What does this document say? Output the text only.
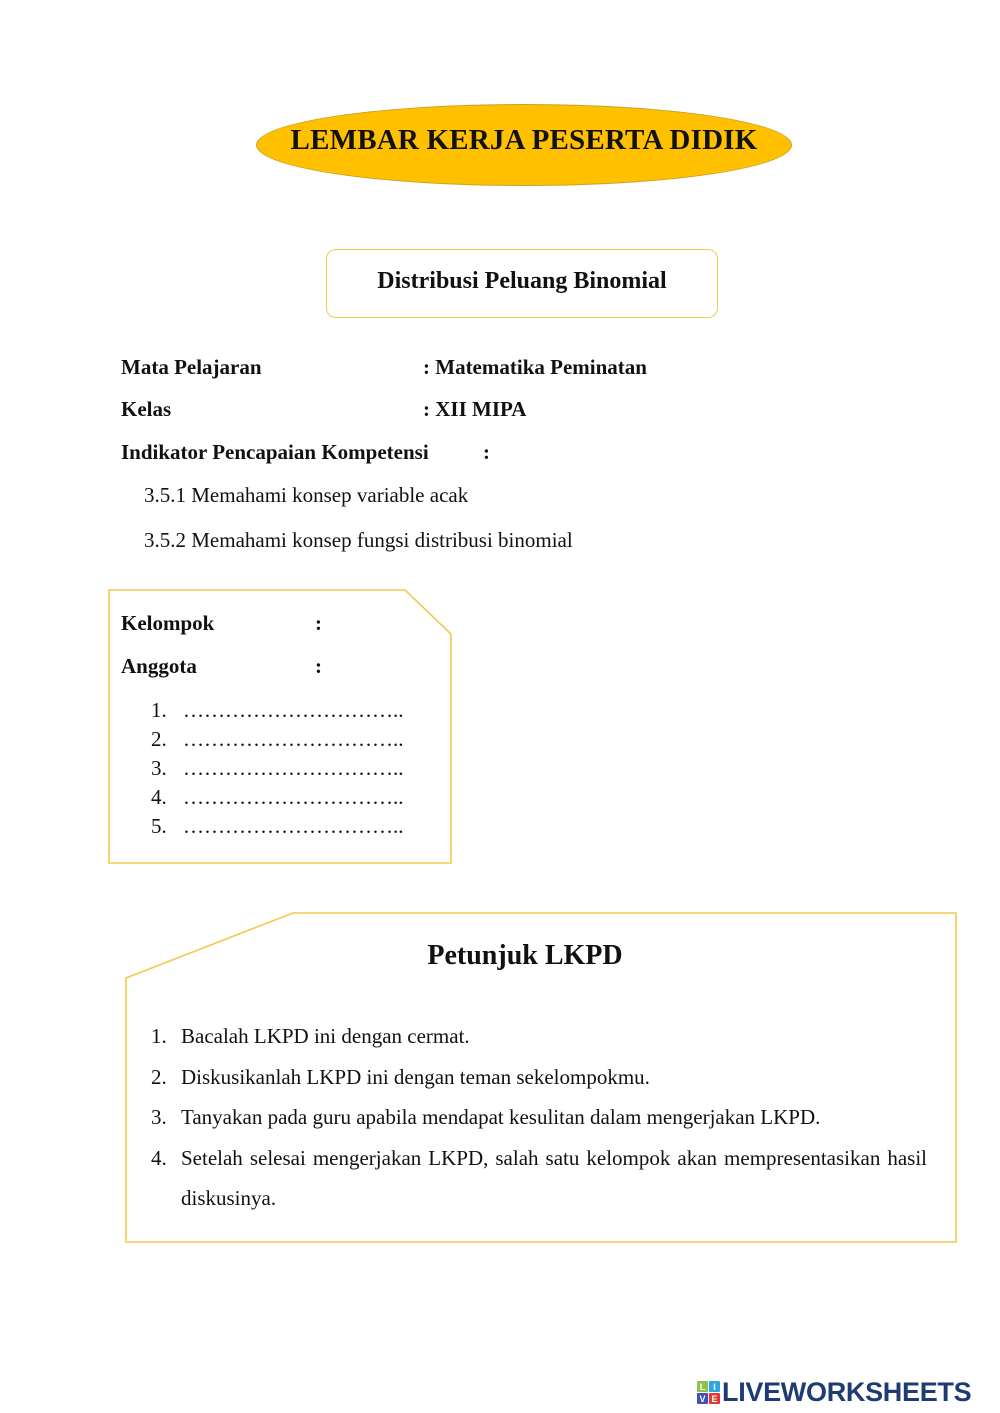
LEMBAR KERJA PESERTA DIDIK
Distribusi Peluang Binomial
Mata Pelajaran	: Matematika Peminatan
Kelas	: XII MIPA
Indikator Pencapaian Kompetensi	:
3.5.1 Memahami konsep variable acak
3.5.2 Memahami konsep fungsi distribusi binomial
Kelompok	:
Anggota	:
1. …………………………..
2. …………………………..
3. …………………………..
4. …………………………..
5. …………………………..
Petunjuk LKPD
1. Bacalah LKPD ini dengan cermat.
2. Diskusikanlah LKPD ini dengan teman sekelompokmu.
3. Tanyakan pada guru apabila mendapat kesulitan dalam mengerjakan LKPD.
4. Setelah selesai mengerjakan LKPD, salah satu kelompok akan mempresentasikan hasil diskusinya.
L I
V E LIVEWORKSHEETS
